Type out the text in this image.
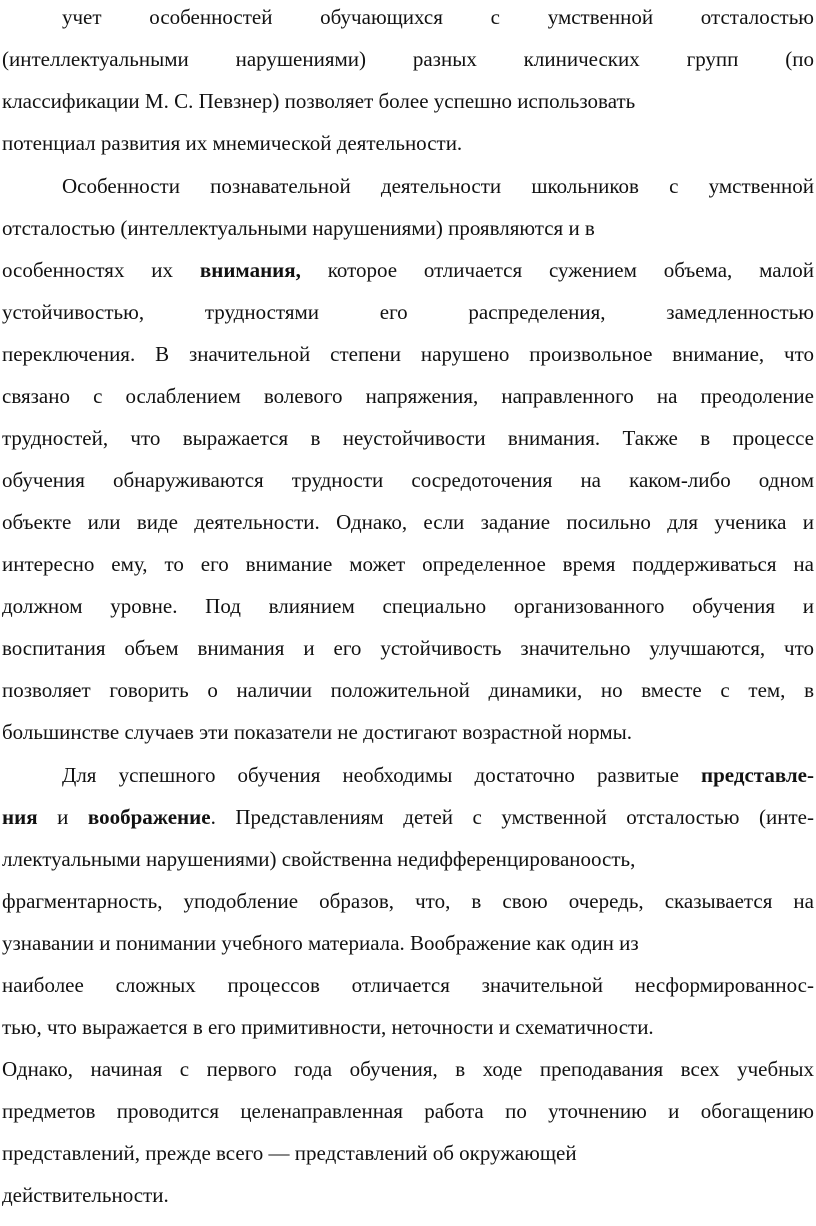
учет особенностей обучающихся с умственной отсталостью
(интеллектуальными нарушениями) разных клинических групп (по
классификации М. С. Певзнер) позволяет более успешно использовать
потенциал развития их мнемической деятельности.
Особенности познавательной деятельности школьников с умственной
отсталостью (интеллектуальными нарушениями) проявляются и в
особенностях их внимания, которое отличается сужением объема, малой
устойчивостью, трудностями его распределения, замедленностью
переключения. В значительной степени нарушено произвольное внимание, что
связано с ослаблением волевого напряжения, направленного на преодоление
трудностей, что выражается в неустойчивости внимания. Также в процессе
обучения обнаруживаются трудности сосредоточения на каком-либо одном
объекте или виде деятельности. Однако, если задание посильно для ученика и
интересно ему, то его внимание может определенное время поддерживаться на
должном уровне. Под влиянием специально организованного обучения и
воспитания объем внимания и его устойчивость значительно улучшаются, что
позволяет говорить о наличии положительной динамики, но вместе с тем, в
большинстве случаев эти показатели не достигают возрастной нормы.
Для успешного обучения необходимы достаточно развитые представле-
ния и воображение. Представлениям детей с умственной отсталостью (инте-
ллектуальными нарушениями) свойственна недифференцированоость,
фрагментарность, уподобление образов, что, в свою очередь, сказывается на
узнавании и понимании учебного материала. Воображение как один из
наиболее сложных процессов отличается значительной несформированнос-
тью, что выражается в его примитивности, неточности и схематичности.
Однако, начиная с первого года обучения, в ходе преподавания всех учебных
предметов проводится целенаправленная работа по уточнению и обогащению
представлений, прежде всего — представлений об окружающей
действительности.
